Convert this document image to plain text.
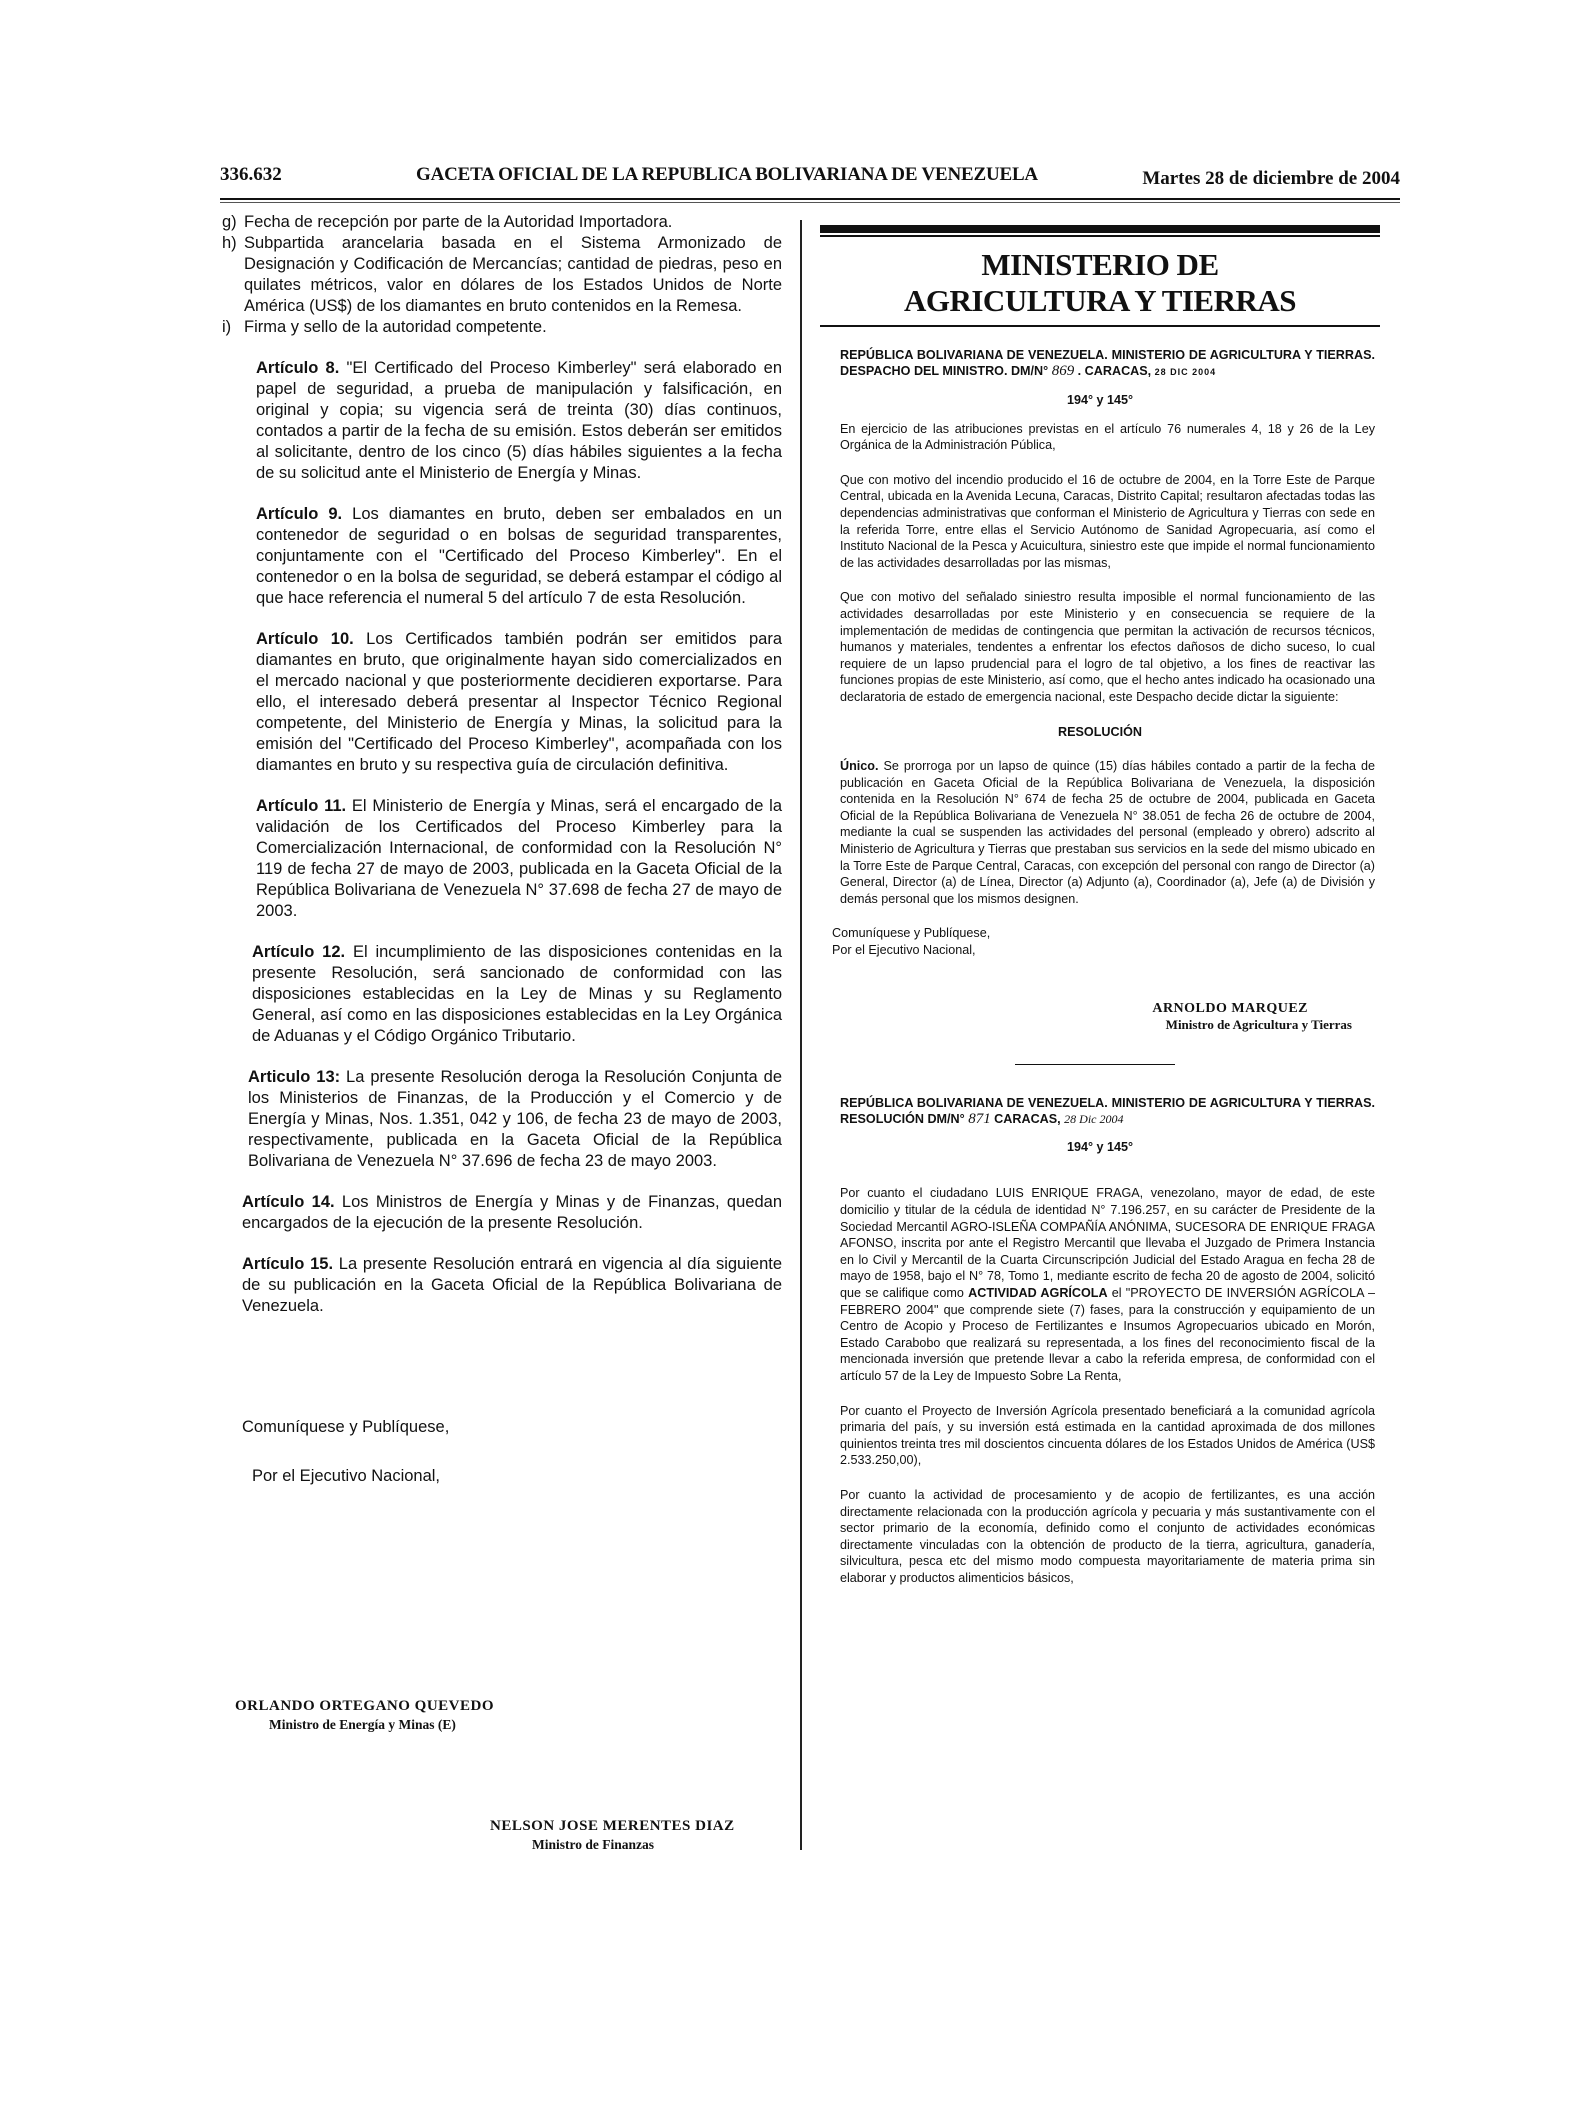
336.632	GACETA OFICIAL DE LA REPUBLICA BOLIVARIANA DE VENEZUELA	Martes 28 de diciembre de 2004
g) Fecha de recepción por parte de la Autoridad Importadora.
h) Subpartida arancelaria basada en el Sistema Armonizado de Designación y Codificación de Mercancías; cantidad de piedras, peso en quilates métricos, valor en dólares de los Estados Unidos de Norte América (US$) de los diamantes en bruto contenidos en la Remesa.
i) Firma y sello de la autoridad competente.

Artículo 8. "El Certificado del Proceso Kimberley" será elaborado en papel de seguridad, a prueba de manipulación y falsificación, en original y copia; su vigencia será de treinta (30) días continuos, contados a partir de la fecha de su emisión. Estos deberán ser emitidos al solicitante, dentro de los cinco (5) días hábiles siguientes a la fecha de su solicitud ante el Ministerio de Energía y Minas.

Artículo 9. Los diamantes en bruto, deben ser embalados en un contenedor de seguridad o en bolsas de seguridad transparentes, conjuntamente con el "Certificado del Proceso Kimberley". En el contenedor o en la bolsa de seguridad, se deberá estampar el código al que hace referencia el numeral 5 del artículo 7 de esta Resolución.

Artículo 10. Los Certificados también podrán ser emitidos para diamantes en bruto, que originalmente hayan sido comercializados en el mercado nacional y que posteriormente decidieren exportarse. Para ello, el interesado deberá presentar al Inspector Técnico Regional competente, del Ministerio de Energía y Minas, la solicitud para la emisión del "Certificado del Proceso Kimberley", acompañada con los diamantes en bruto y su respectiva guía de circulación definitiva.

Artículo 11. El Ministerio de Energía y Minas, será el encargado de la validación de los Certificados del Proceso Kimberley para la Comercialización Internacional, de conformidad con la Resolución N° 119 de fecha 27 de mayo de 2003, publicada en la Gaceta Oficial de la República Bolivariana de Venezuela N° 37.698 de fecha 27 de mayo de 2003.

Artículo 12. El incumplimiento de las disposiciones contenidas en la presente Resolución, será sancionado de conformidad con las disposiciones establecidas en la Ley de Minas y su Reglamento General, así como en las disposiciones establecidas en la Ley Orgánica de Aduanas y el Código Orgánico Tributario.

Articulo 13: La presente Resolución deroga la Resolución Conjunta de los Ministerios de Finanzas, de la Producción y el Comercio y de Energía y Minas, Nos. 1.351, 042 y 106, de fecha 23 de mayo de 2003, respectivamente, publicada en la Gaceta Oficial de la República Bolivariana de Venezuela N° 37.696 de fecha 23 de mayo 2003.

Artículo 14. Los Ministros de Energía y Minas y de Finanzas, quedan encargados de la ejecución de la presente Resolución.

Artículo 15. La presente Resolución entrará en vigencia al día siguiente de su publicación en la Gaceta Oficial de la República Bolivariana de Venezuela.

Comuníquese y Publíquese,
Por el Ejecutivo Nacional,
ORLANDO ORTEGANO QUEVEDO
Ministro de Energía y Minas (E)
NELSON JOSE MERENTES DIAZ
Ministro de Finanzas
MINISTERIO DE
AGRICULTURA Y TIERRAS
REPÚBLICA BOLIVARIANA DE VENEZUELA. MINISTERIO DE AGRICULTURA Y TIERRAS. DESPACHO DEL MINISTRO. DM/N° 869 . CARACAS, 28 DIC 2004
194° y 145°

En ejercicio de las atribuciones previstas en el artículo 76 numerales 4, 18 y 26 de la Ley Orgánica de la Administración Pública,

Que con motivo del incendio producido el 16 de octubre de 2004, en la Torre Este de Parque Central, ubicada en la Avenida Lecuna, Caracas, Distrito Capital; resultaron afectadas todas las dependencias administrativas que conforman el Ministerio de Agricultura y Tierras con sede en la referida Torre, entre ellas el Servicio Autónomo de Sanidad Agropecuaria, así como el Instituto Nacional de la Pesca y Acuicultura, siniestro este que impide el normal funcionamiento de las actividades desarrolladas por las mismas,

Que con motivo del señalado siniestro resulta imposible el normal funcionamiento de las actividades desarrolladas por este Ministerio y en consecuencia se requiere de la implementación de medidas de contingencia que permitan la activación de recursos técnicos, humanos y materiales, tendentes a enfrentar los efectos dañosos de dicho suceso, lo cual requiere de un lapso prudencial para el logro de tal objetivo, a los fines de reactivar las funciones propias de este Ministerio, así como, que el hecho antes indicado ha ocasionado una declaratoria de estado de emergencia nacional, este Despacho decide dictar la siguiente:

RESOLUCIÓN

Único. Se prorroga por un lapso de quince (15) días hábiles contado a partir de la fecha de publicación en Gaceta Oficial de la República Bolivariana de Venezuela, la disposición contenida en la Resolución N° 674 de fecha 25 de octubre de 2004, publicada en Gaceta Oficial de la República Bolivariana de Venezuela N° 38.051 de fecha 26 de octubre de 2004, mediante la cual se suspenden las actividades del personal (empleado y obrero) adscrito al Ministerio de Agricultura y Tierras que prestaban sus servicios en la sede del mismo ubicado en la Torre Este de Parque Central, Caracas, con excepción del personal con rango de Director (a) General, Director (a) de Línea, Director (a) Adjunto (a), Coordinador (a), Jefe (a) de División y demás personal que los mismos designen.

Comuníquese y Publíquese,
Por el Ejecutivo Nacional,
ARNOLDO MARQUEZ
Ministro de Agricultura y Tierras
REPÚBLICA BOLIVARIANA DE VENEZUELA. MINISTERIO DE AGRICULTURA Y TIERRAS. RESOLUCIÓN DM/N° 871 CARACAS, 28 Dic 2004
194° y 145°

Por cuanto el ciudadano LUIS ENRIQUE FRAGA, venezolano, mayor de edad, de este domicilio y titular de la cédula de identidad N° 7.196.257, en su carácter de Presidente de la Sociedad Mercantil AGRO-ISLEÑA COMPAÑÍA ANÓNIMA, SUCESORA DE ENRIQUE FRAGA AFONSO, inscrita por ante el Registro Mercantil que llevaba el Juzgado de Primera Instancia en lo Civil y Mercantil de la Cuarta Circunscripción Judicial del Estado Aragua en fecha 28 de mayo de 1958, bajo el N° 78, Tomo 1, mediante escrito de fecha 20 de agosto de 2004, solicitó que se califique como ACTIVIDAD AGRÍCOLA el "PROYECTO DE INVERSIÓN AGRÍCOLA – FEBRERO 2004" que comprende siete (7) fases, para la construcción y equipamiento de un Centro de Acopio y Proceso de Fertilizantes e Insumos Agropecuarios ubicado en Morón, Estado Carabobo que realizará su representada, a los fines del reconocimiento fiscal de la mencionada inversión que pretende llevar a cabo la referida empresa, de conformidad con el artículo 57 de la Ley de Impuesto Sobre La Renta,

Por cuanto el Proyecto de Inversión Agrícola presentado beneficiará a la comunidad agrícola primaria del país, y su inversión está estimada en la cantidad aproximada de dos millones quinientos treinta tres mil doscientos cincuenta dólares de los Estados Unidos de América (US$ 2.533.250,00),

Por cuanto la actividad de procesamiento y de acopio de fertilizantes, es una acción directamente relacionada con la producción agrícola y pecuaria y más sustantivamente con el sector primario de la economía, definido como el conjunto de actividades económicas directamente vinculadas con la obtención de producto de la tierra, agricultura, ganadería, silvicultura, pesca etc del mismo modo compuesta mayoritariamente de materia prima sin elaborar y productos alimenticios básicos,
